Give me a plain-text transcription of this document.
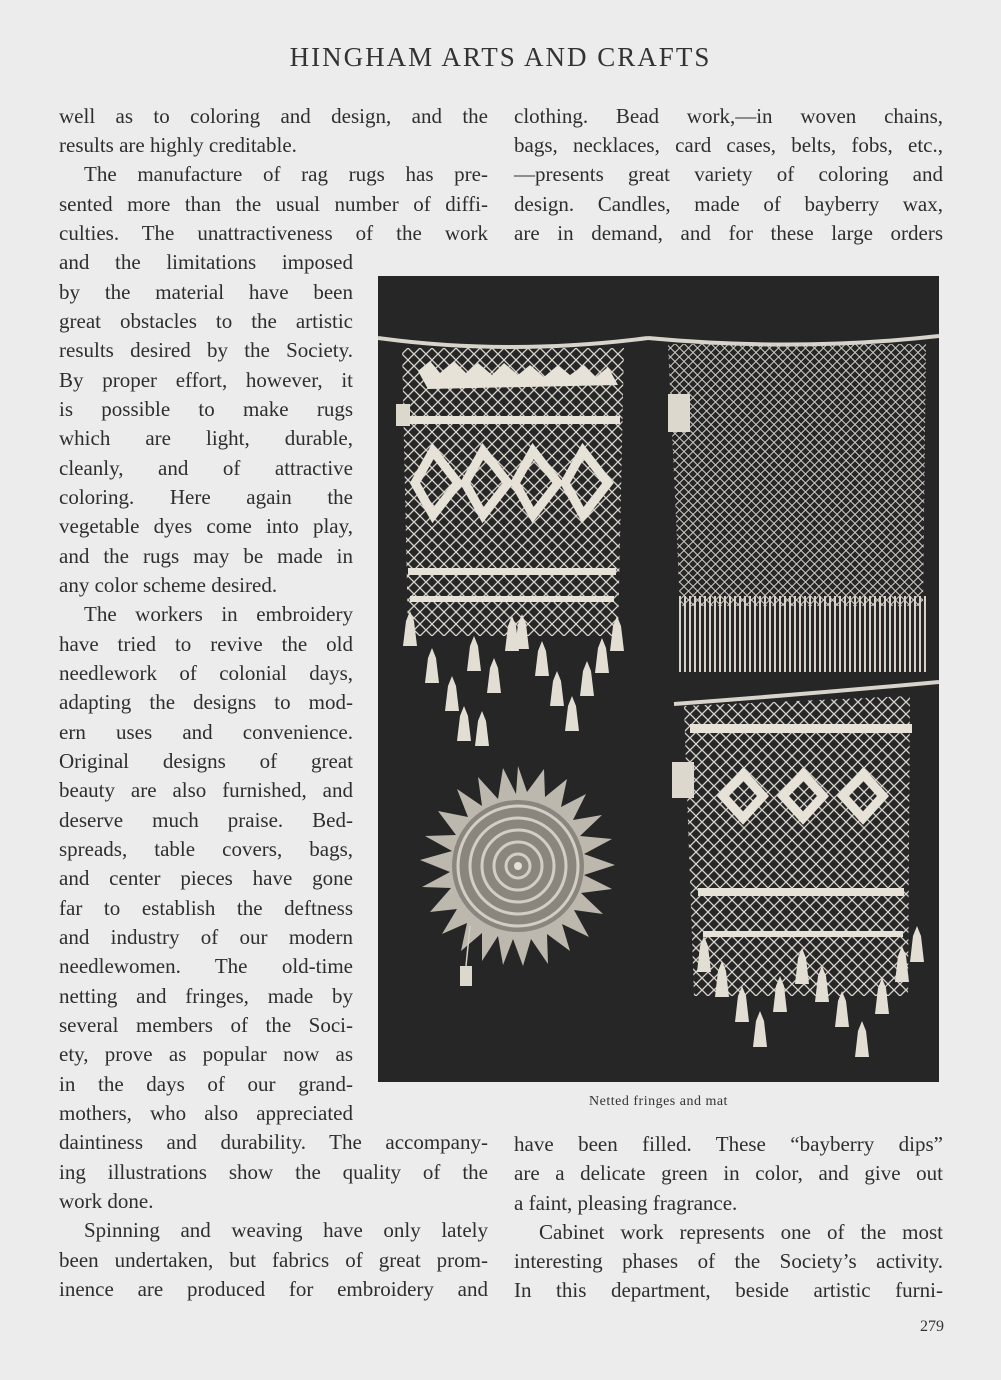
HINGHAM ARTS AND CRAFTS
well as to coloring and design, and the
results are highly creditable.
The manufacture of rag rugs has pre-
sented more than the usual number of diffi-
culties. The unattractiveness of the work
and the limitations imposed
by the material have been
great obstacles to the artistic
results desired by the Society.
By proper effort, however, it
is possible to make rugs
which are light, durable,
cleanly, and of attractive
coloring. Here again the
vegetable dyes come into play,
and the rugs may be made in
any color scheme desired.
The workers in embroidery
have tried to revive the old
needlework of colonial days,
adapting the designs to mod-
ern uses and convenience.
Original designs of great
beauty are also furnished, and
deserve much praise. Bed-
spreads, table covers, bags,
and center pieces have gone
far to establish the deftness
and industry of our modern
needlewomen. The old-time
netting and fringes, made by
several members of the Soci-
ety, prove as popular now as
in the days of our grand-
mothers, who also appreciated
daintiness and durability. The accompany-
ing illustrations show the quality of the
work done.
Spinning and weaving have only lately
been undertaken, but fabrics of great prom-
inence are produced for embroidery and
clothing. Bead work,—in woven chains,
bags, necklaces, card cases, belts, fobs, etc.,
—presents great variety of coloring and
design. Candles, made of bayberry wax,
are in demand, and for these large orders
Netted fringes and mat
have been filled. These “bayberry dips”
are a delicate green in color, and give out
a faint, pleasing fragrance.
Cabinet work represents one of the most
interesting phases of the Society’s activity.
In this department, beside artistic furni-
279
